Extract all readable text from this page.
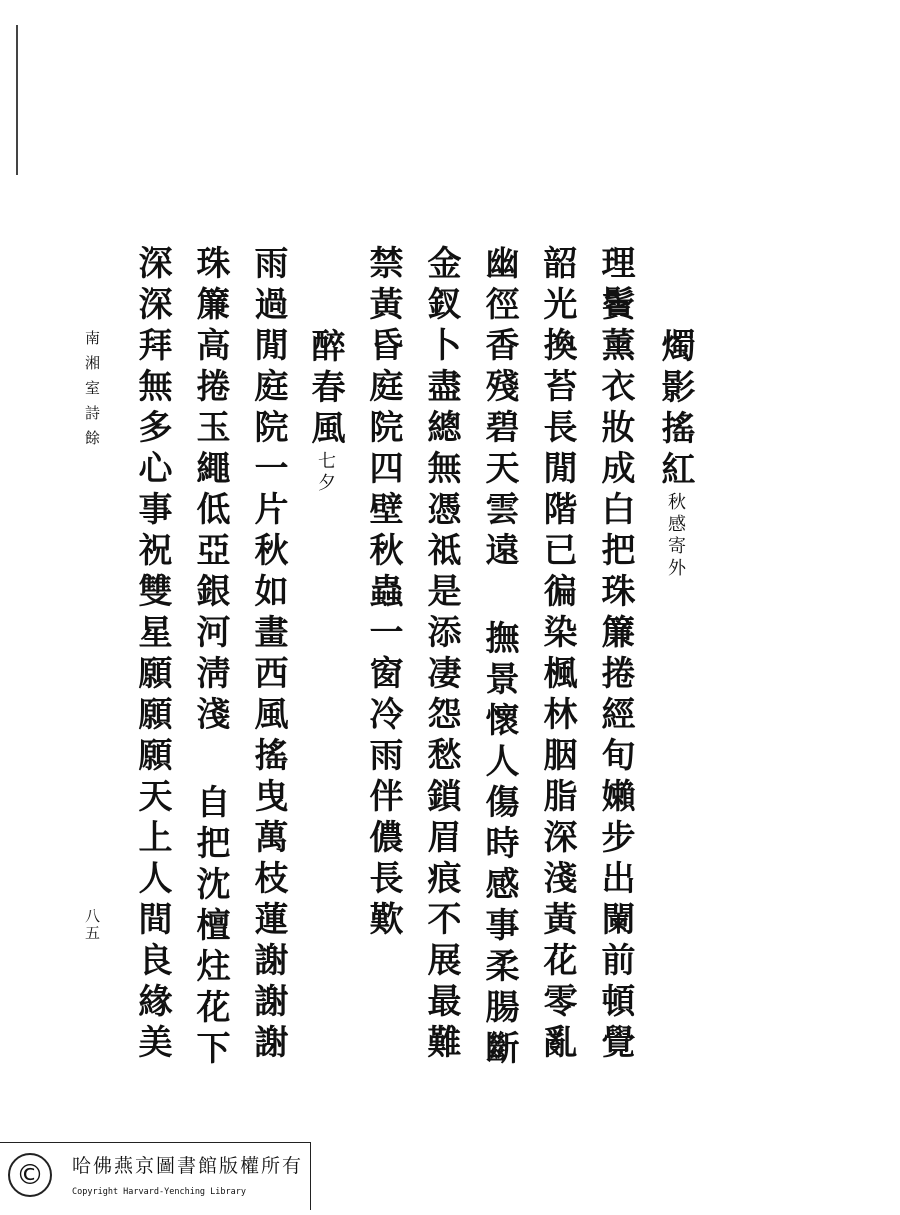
燭影搖紅秋感寄外
理鬢薰衣妝成白把珠簾捲經旬嬾步出闌前頓覺
韶光換苔長閒階已徧染楓林胭脂深淺黃花零亂
幽徑香殘碧天雲遠 撫景懷人傷時感事柔腸斷
金釵卜盡總無憑祗是添凄怨愁鎖眉痕不展最難
禁黃昏庭院四壁秋蟲一窗冷雨伴儂長歎
醉春風七夕
雨過閒庭院一片秋如畫西風搖曳萬枝蓮謝謝謝
珠簾高捲玉繩低亞銀河淸淺 自把沈檀炷花下
深深拜無多心事祝雙星願願願天上人間良緣美
南湘室詩餘
八五
©	哈佛燕京圖書館版權所有
Copyright Harvard-Yenching Library
